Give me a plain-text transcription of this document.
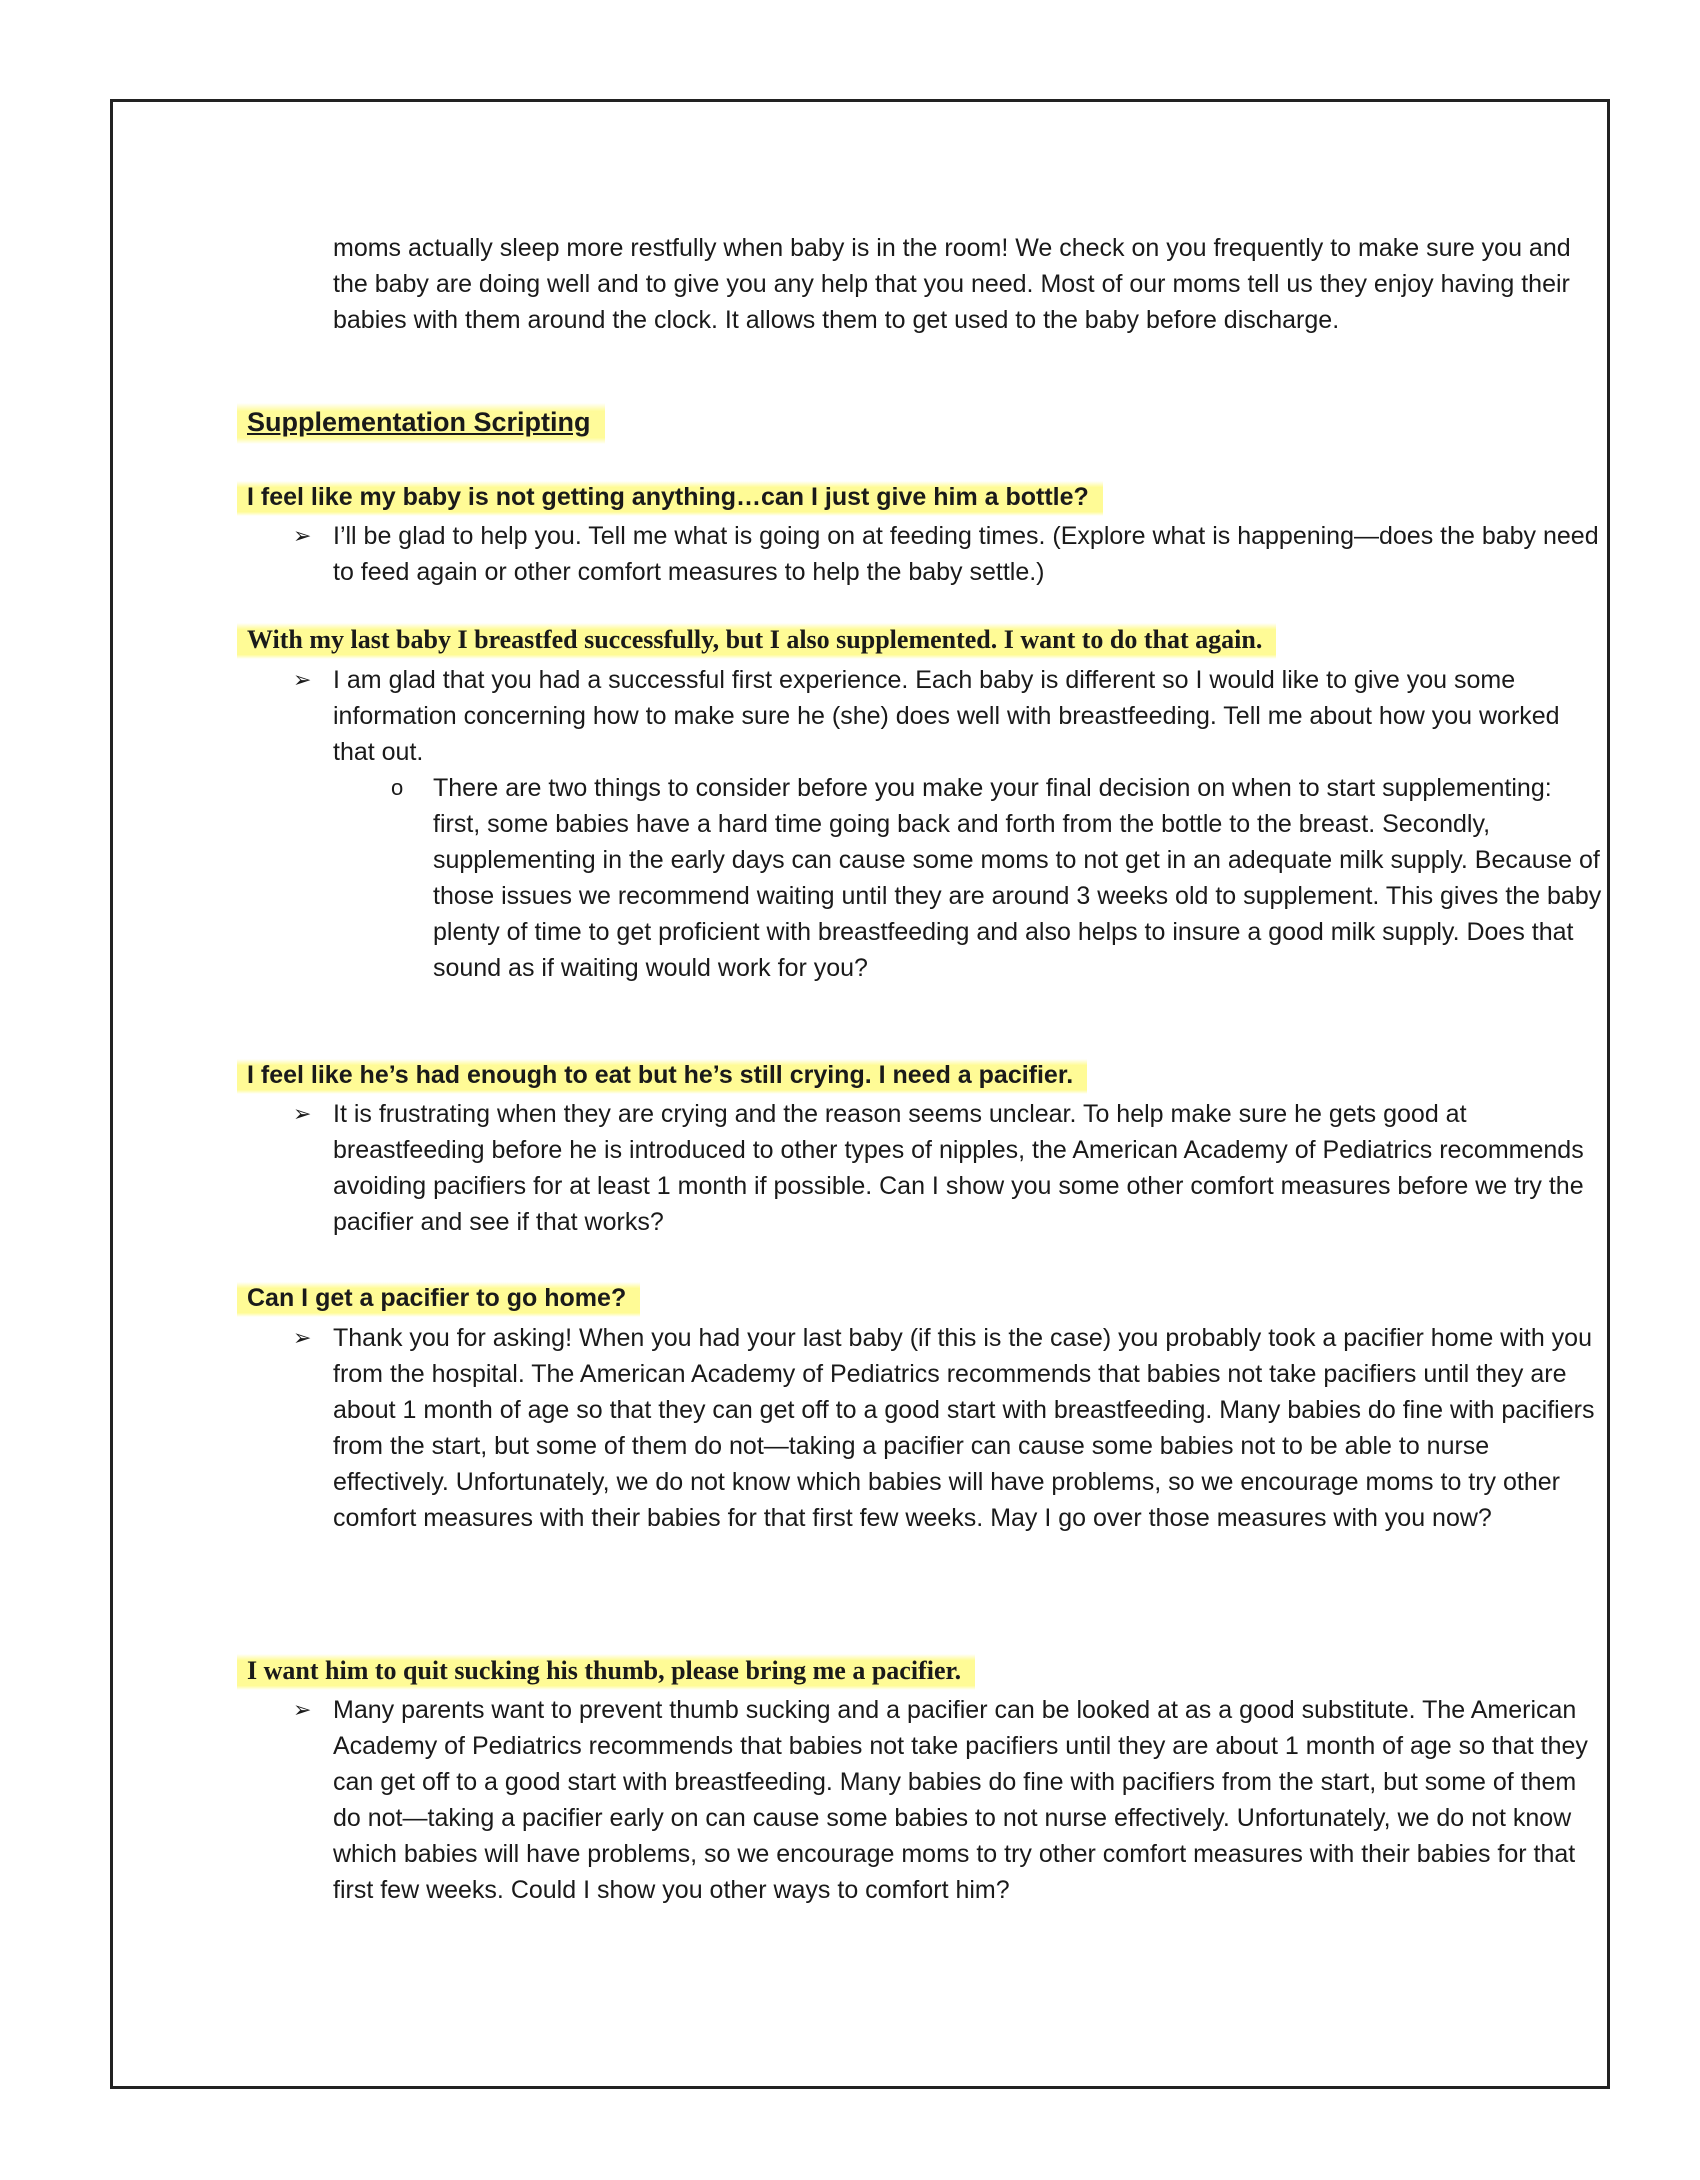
moms actually sleep more restfully when baby is in the room! We check on you frequently to make sure you and the baby are doing well and to give you any help that you need. Most of our moms tell us they enjoy having their babies with them around the clock. It allows them to get used to the baby before discharge.

Supplementation Scripting

I feel like my baby is not getting anything…can I just give him a bottle?

➢ I’ll be glad to help you. Tell me what is going on at feeding times. (Explore what is happening—does the baby need to feed again or other comfort measures to help the baby settle.)

With my last baby I breastfed successfully, but I also supplemented. I want to do that again.

➢ I am glad that you had a successful first experience. Each baby is different so I would like to give you some information concerning how to make sure he (she) does well with breastfeeding. Tell me about how you worked that out.
o There are two things to consider before you make your final decision on when to start supplementing: first, some babies have a hard time going back and forth from the bottle to the breast. Secondly, supplementing in the early days can cause some moms to not get in an adequate milk supply. Because of those issues we recommend waiting until they are around 3 weeks old to supplement. This gives the baby plenty of time to get proficient with breastfeeding and also helps to insure a good milk supply. Does that sound as if waiting would work for you?

I feel like he’s had enough to eat but he’s still crying. I need a pacifier.

➢ It is frustrating when they are crying and the reason seems unclear. To help make sure he gets good at breastfeeding before he is introduced to other types of nipples, the American Academy of Pediatrics recommends avoiding pacifiers for at least 1 month if possible. Can I show you some other comfort measures before we try the pacifier and see if that works?

Can I get a pacifier to go home?

➢ Thank you for asking! When you had your last baby (if this is the case) you probably took a pacifier home with you from the hospital. The American Academy of Pediatrics recommends that babies not take pacifiers until they are about 1 month of age so that they can get off to a good start with breastfeeding. Many babies do fine with pacifiers from the start, but some of them do not—taking a pacifier can cause some babies not to be able to nurse effectively. Unfortunately, we do not know which babies will have problems, so we encourage moms to try other comfort measures with their babies for that first few weeks. May I go over those measures with you now?

I want him to quit sucking his thumb, please bring me a pacifier.

➢ Many parents want to prevent thumb sucking and a pacifier can be looked at as a good substitute. The American Academy of Pediatrics recommends that babies not take pacifiers until they are about 1 month of age so that they can get off to a good start with breastfeeding. Many babies do fine with pacifiers from the start, but some of them do not—taking a pacifier early on can cause some babies to not nurse effectively. Unfortunately, we do not know which babies will have problems, so we encourage moms to try other comfort measures with their babies for that first few weeks. Could I show you other ways to comfort him?
